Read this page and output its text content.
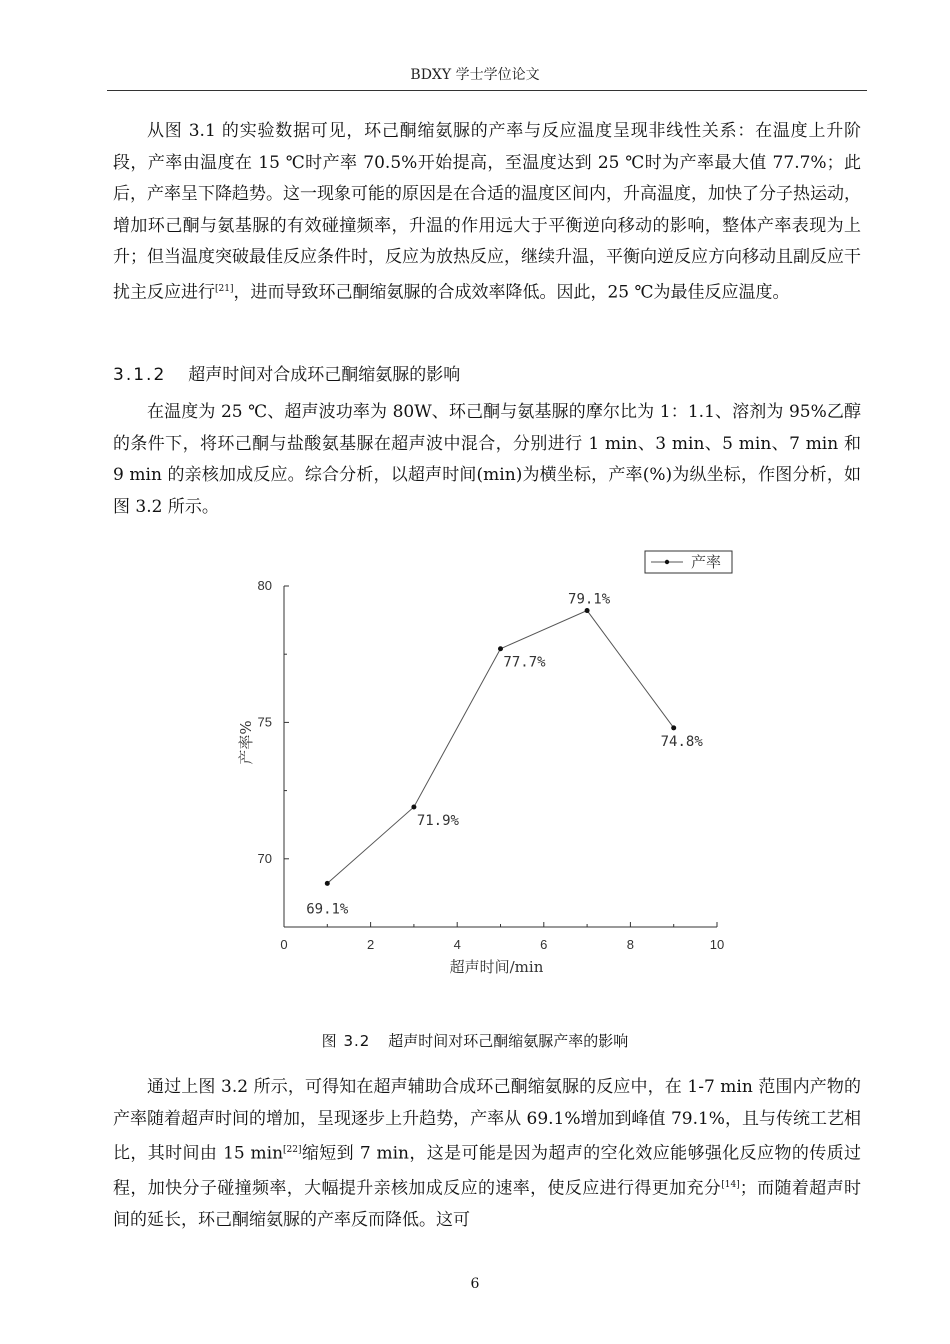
BDXY 学士学位论文

从图 3.1 的实验数据可见，环己酮缩氨脲的产率与反应温度呈现非线性关系：在温度上升阶段，产率由温度在 15 ℃时产率 70.5%开始提高，至温度达到 25 ℃时为产率最大值 77.7%；此后，产率呈下降趋势。这一现象可能的原因是在合适的温度区间内，升高温度，加快了分子热运动，增加环己酮与氨基脲的有效碰撞频率，升温的作用远大于平衡逆向移动的影响，整体产率表现为上升；但当温度突破最佳反应条件时，反应为放热反应，继续升温，平衡向逆反应方向移动且副反应干扰主反应进行[21]，进而导致环己酮缩氨脲的合成效率降低。因此，25 ℃为最佳反应温度。

3.1.2 超声时间对合成环己酮缩氨脲的影响

在温度为 25 ℃、超声波功率为 80W、环己酮与氨基脲的摩尔比为 1：1.1、溶剂为 95%乙醇的条件下，将环己酮与盐酸氨基脲在超声波中混合，分别进行 1 min、3 min、5 min、7 min 和 9 min 的亲核加成反应。综合分析，以超声时间(min)为横坐标，产率(%)为纵坐标，作图分析，如图 3.2 所示。

0	2	4	6	8	10
70
75
80
超声时间/min
产率%
69.1%
71.9%
77.7%
79.1%
74.8%
产率
图 3.2 超声时间对环己酮缩氨脲产率的影响

通过上图 3.2 所示，可得知在超声辅助合成环己酮缩氨脲的反应中，在 1-7 min 范围内产物的产率随着超声时间的增加，呈现逐步上升趋势，产率从 69.1%增加到峰值 79.1%，且与传统工艺相比，其时间由 15 min[22]缩短到 7 min，这是可能是因为超声的空化效应能够强化反应物的传质过程，加快分子碰撞频率，大幅提升亲核加成反应的速率，使反应进行得更加充分[14]；而随着超声时间的延长，环己酮缩氨脲的产率反而降低。这可

6
